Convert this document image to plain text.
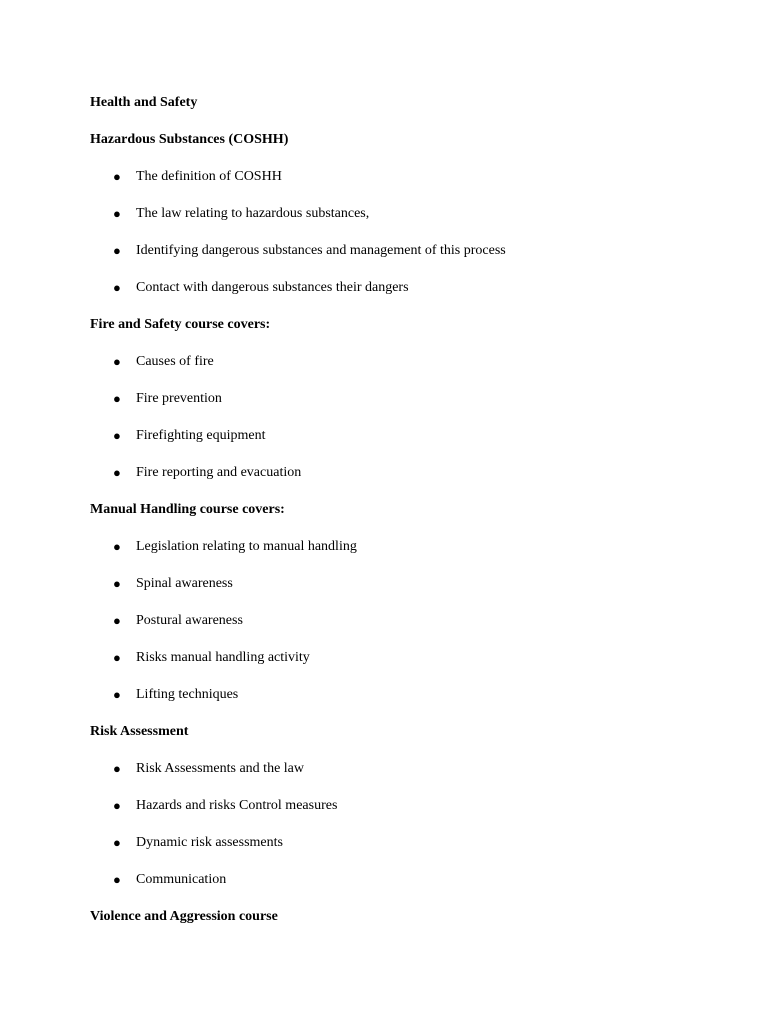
Health and Safety

Hazardous Substances (COSHH)

● The definition of COSHH
● The law relating to hazardous substances,
● Identifying dangerous substances and management of this process
● Contact with dangerous substances their dangers

Fire and Safety course covers:

● Causes of fire
● Fire prevention
● Firefighting equipment
● Fire reporting and evacuation

Manual Handling course covers:

● Legislation relating to manual handling
● Spinal awareness
● Postural awareness
● Risks manual handling activity
● Lifting techniques

Risk Assessment

● Risk Assessments and the law
● Hazards and risks Control measures
● Dynamic risk assessments
● Communication

Violence and Aggression course
